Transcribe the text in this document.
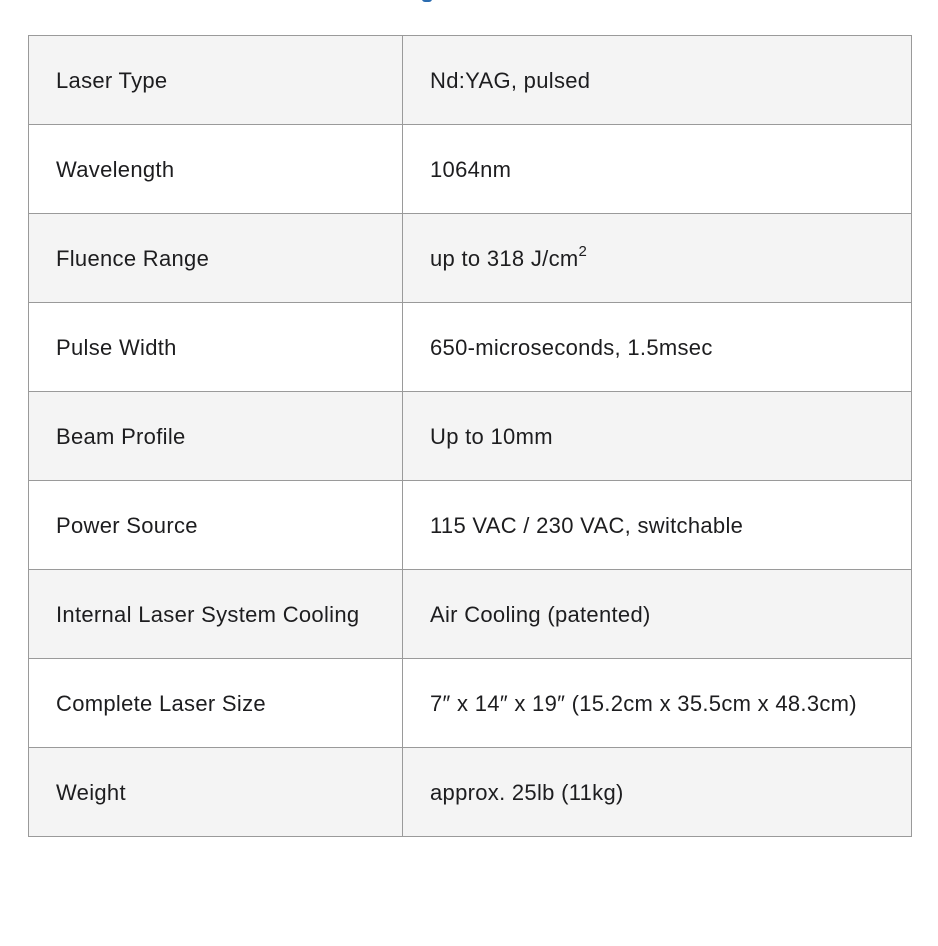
Laser Type	Nd:YAG, pulsed
Wavelength	1064nm
Fluence Range	up to 318 $J/cm^2$
Pulse Width	650-microseconds, 1.5msec
Beam Profile	Up to 10mm
Power Source	115 VAC / 230 VAC, switchable
Internal Laser System Cooling	Air Cooling (patented)
Complete Laser Size	7″ x 14″ x 19″ (15.2cm x 35.5cm x 48.3cm)
Weight	approx. 25lb (11kg)
